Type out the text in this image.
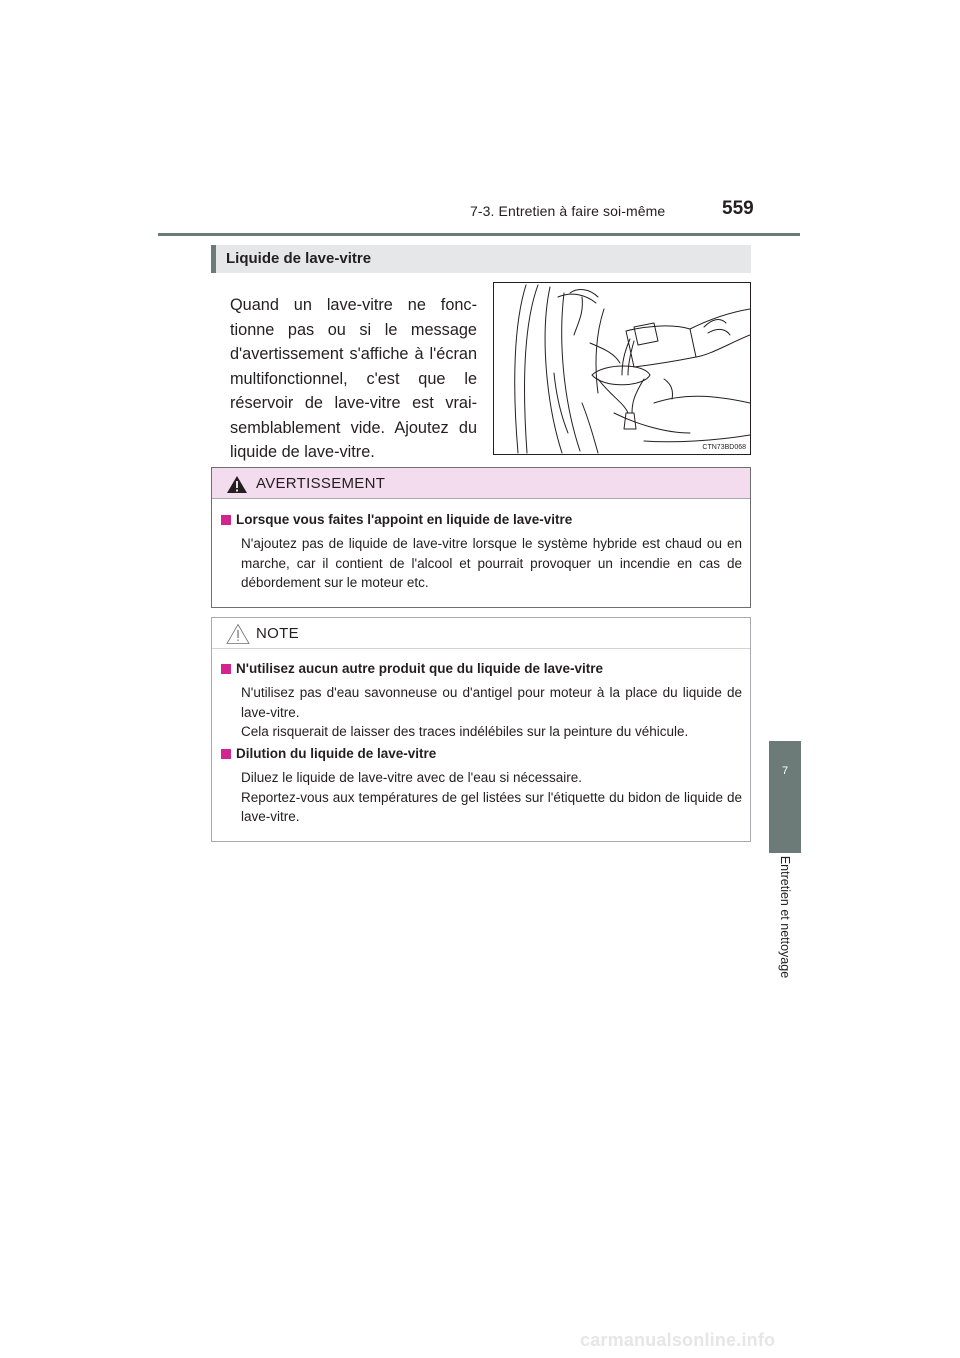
7-3. Entretien à faire soi-même	559
7
Entretien et nettoyage
Liquide de lave-vitre
Quand un lave-vitre ne fonc-tionne pas ou si le message d'avertissement s'affiche à l'écran multifonctionnel, c'est que le réservoir de lave-vitre est vrai-semblablement vide. Ajoutez du liquide de lave-vitre.	CTN73BD068
AVERTISSEMENT
Lorsque vous faites l'appoint en liquide de lave-vitre
N'ajoutez pas de liquide de lave-vitre lorsque le système hybride est chaud ou en marche, car il contient de l'alcool et pourrait provoquer un incendie en cas de débordement sur le moteur etc.
NOTE
N'utilisez aucun autre produit que du liquide de lave-vitre

N'utilisez pas d'eau savonneuse ou d'antigel pour moteur à la place du liquide de lave-vitre.

Cela risquerait de laisser des traces indélébiles sur la peinture du véhicule.

Dilution du liquide de lave-vitre

Diluez le liquide de lave-vitre avec de l'eau si nécessaire.

Reportez-vous aux températures de gel listées sur l'étiquette du bidon de liquide de lave-vitre.

carmanualsonline.info
